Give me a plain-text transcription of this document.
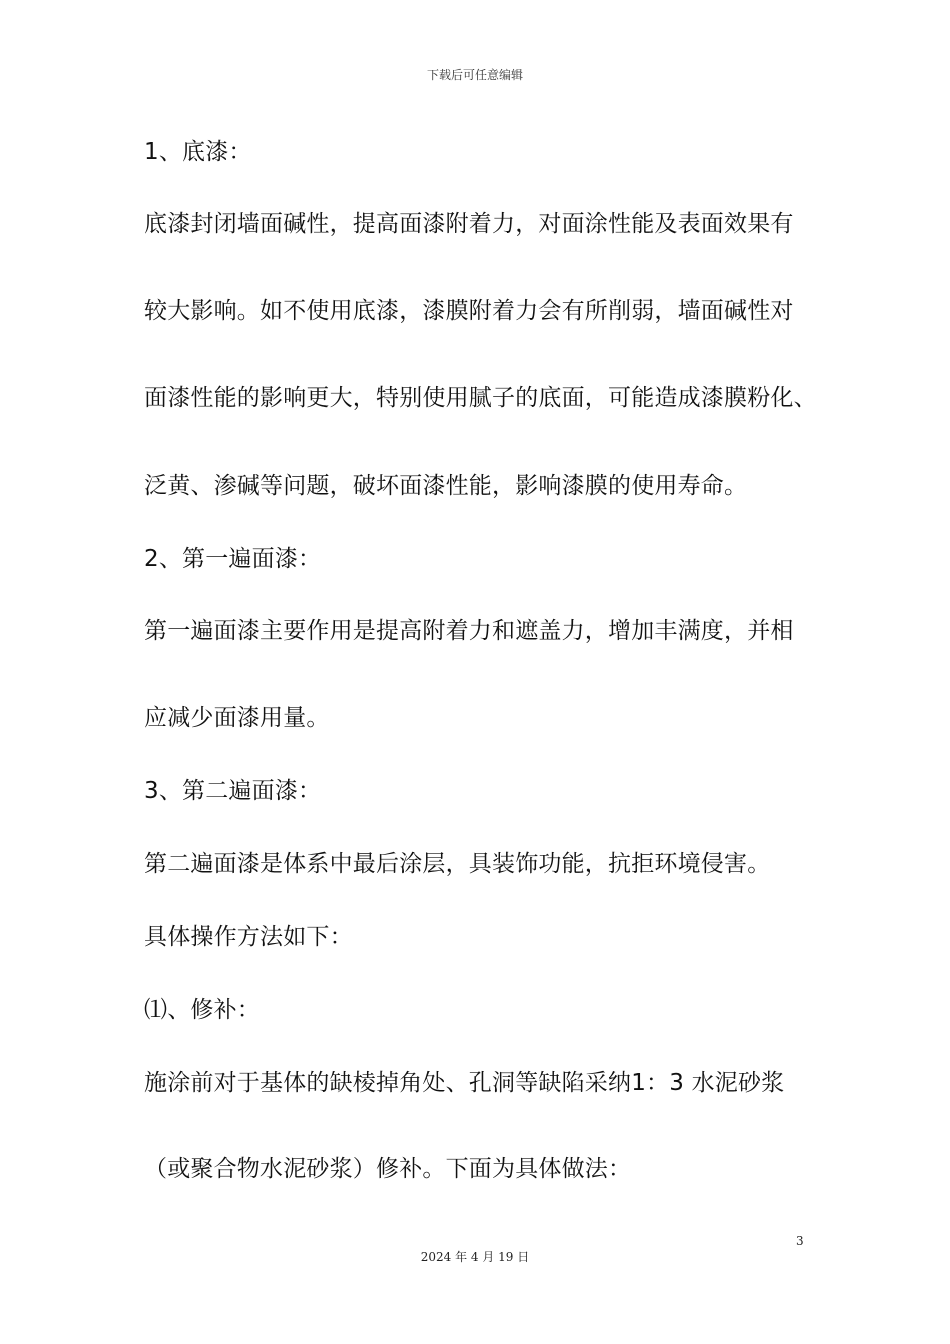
下载后可任意编辑
1、底漆：
底漆封闭墙面碱性，提高面漆附着力，对面涂性能及表面效果有
较大影响。如不使用底漆，漆膜附着力会有所削弱，墙面碱性对
面漆性能的影响更大，特别使用腻子的底面，可能造成漆膜粉化、
泛黄、渗碱等问题，破坏面漆性能，影响漆膜的使用寿命。
2、第一遍面漆：
第一遍面漆主要作用是提高附着力和遮盖力，增加丰满度，并相
应减少面漆用量。
3、第二遍面漆：
第二遍面漆是体系中最后涂层，具装饰功能，抗拒环境侵害。
具体操作方法如下：
⑴、修补：
施涂前对于基体的缺棱掉角处、孔洞等缺陷采纳1：3 水泥砂浆
（或聚合物水泥砂浆）修补。下面为具体做法：
3
2024 年 4 月 19 日
